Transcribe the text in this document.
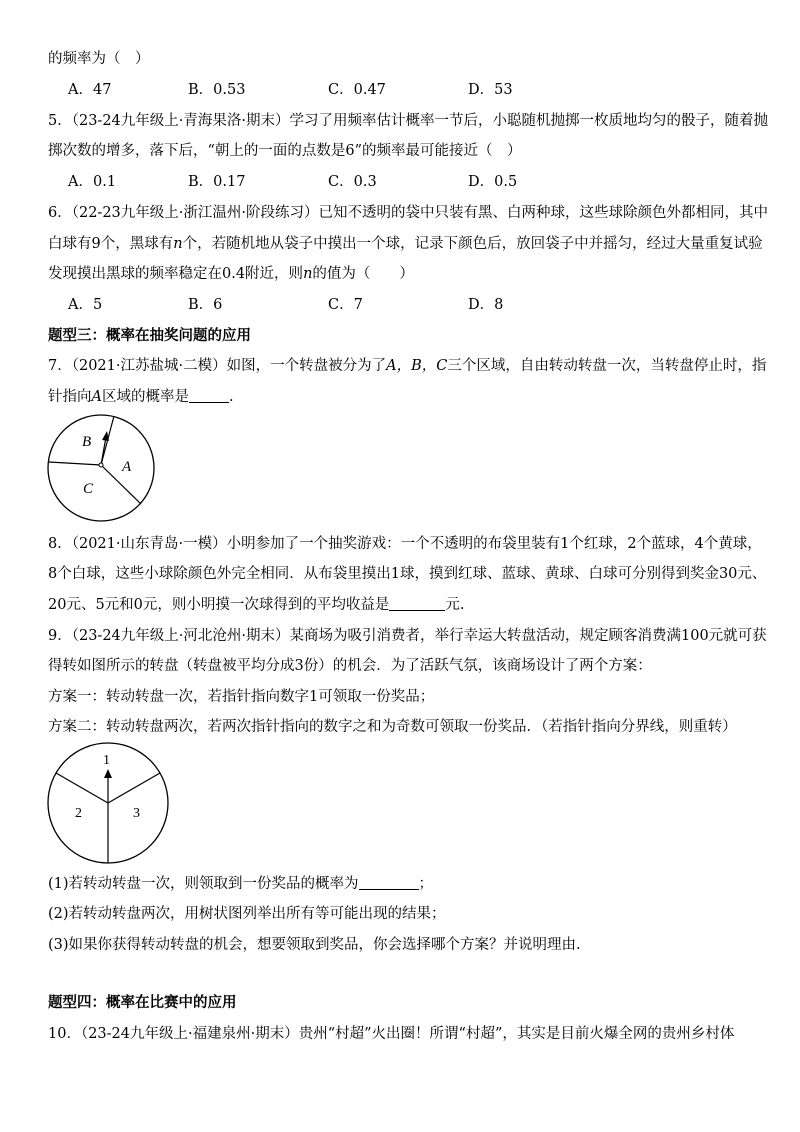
的频率为（　）
A．47	B．0.53	C．0.47	D．53
5．（23-24九年级上·青海果洛·期末）学习了用频率估计概率一节后，小聪随机抛掷一枚质地均匀的骰子，随着抛
掷次数的增多，落下后，“朝上的一面的点数是6”的频率最可能接近（　）
A．0.1	B．0.17	C．0.3	D．0.5
6．（22-23九年级上·浙江温州·阶段练习）已知不透明的袋中只装有黑、白两种球，这些球除颜色外都相同，其中
白球有9个，黑球有n个，若随机地从袋子中摸出一个球，记录下颜色后，放回袋子中并摇匀，经过大量重复试验
发现摸出黑球的频率稳定在0.4附近，则n的值为（　　）
A．5	B．6	C．7	D．8
题型三：概率在抽奖问题的应用
7．（2021·江苏盐城·二模）如图，一个转盘被分为了A，B，C三个区域，自由转动转盘一次，当转盘停止时，指
针指向A区域的概率是	.
B
A
C
8．（2021·山东青岛·一模）小明参加了一个抽奖游戏：一个不透明的布袋里装有1个红球，2个蓝球，4个黄球，
8个白球，这些小球除颜色外完全相同．从布袋里摸出1球，摸到红球、蓝球、黄球、白球可分别得到奖金30元、
20元、5元和0元，则小明摸一次球得到的平均收益是	元.
9．（23-24九年级上·河北沧州·期末）某商场为吸引消费者，举行幸运大转盘活动，规定顾客消费满100元就可获
得转如图所示的转盘（转盘被平均分成3份）的机会．为了活跃气氛，该商场设计了两个方案：
方案一：转动转盘一次，若指针指向数字1可领取一份奖品；
方案二：转动转盘两次，若两次指针指向的数字之和为奇数可领取一份奖品．（若指针指向分界线，则重转）
1
2	3
(1)若转动转盘一次，则领取到一份奖品的概率为	；
(2)若转动转盘两次，用树状图列举出所有等可能出现的结果；
(3)如果你获得转动转盘的机会，想要领取到奖品，你会选择哪个方案？并说明理由.
题型四：概率在比赛中的应用
10．（23-24九年级上·福建泉州·期末）贵州“村超”火出圈！所谓“村超”，其实是目前火爆全网的贵州乡村体
